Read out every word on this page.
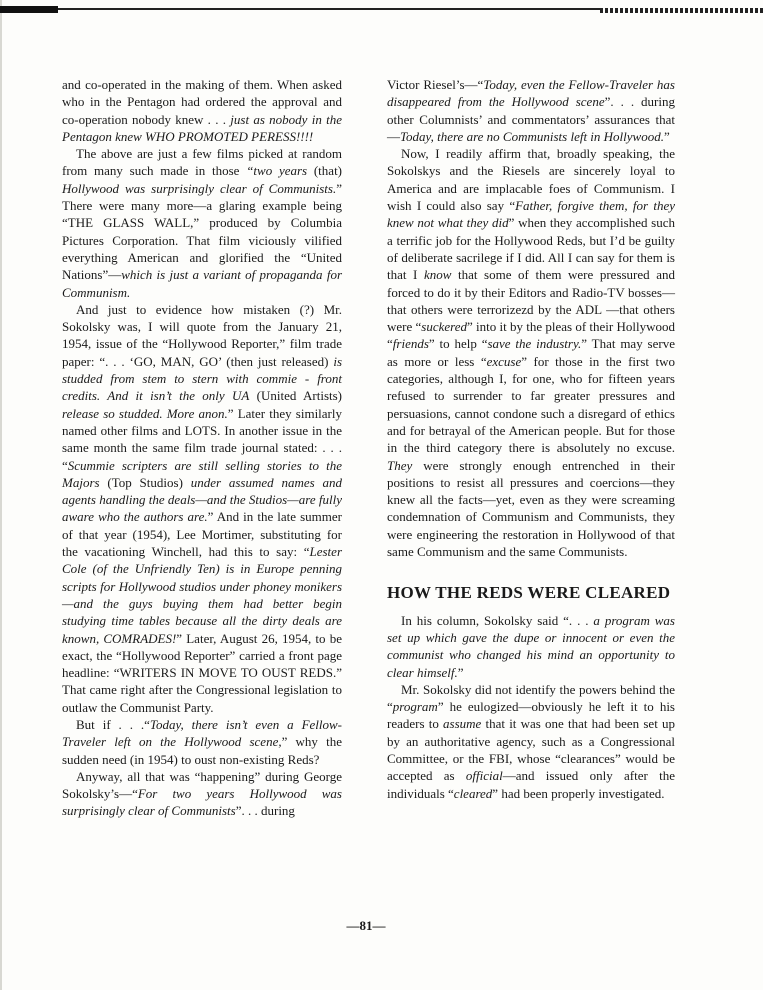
and co-operated in the making of them. When asked who in the Pentagon had ordered the approval and co-operation nobody knew . . . just as nobody in the Pentagon knew WHO PROMOTED PERESS!!!!

The above are just a few films picked at random from many such made in those “two years (that) Hollywood was surprisingly clear of Communists.” There were many more—a glaring example being “THE GLASS WALL,” produced by Columbia Pictures Corporation. That film viciously vilified everything American and glorified the “United Nations”—which is just a variant of propaganda for Communism.

And just to evidence how mistaken (?) Mr. Sokolsky was, I will quote from the January 21, 1954, issue of the “Hollywood Reporter,” film trade paper: “. . . ‘GO, MAN, GO’ (then just released) is studded from stem to stern with commie - front credits. And it isn’t the only UA (United Artists) release so studded. More anon.” Later they similarly named other films and LOTS. In another issue in the same month the same film trade journal stated: . . . “Scummie scripters are still selling stories to the Majors (Top Studios) under assumed names and agents handling the deals—and the Studios—are fully aware who the authors are.” And in the late summer of that year (1954), Lee Mortimer, substituting for the vacationing Winchell, had this to say: “Lester Cole (of the Unfriendly Ten) is in Europe penning scripts for Hollywood studios under phoney monikers—and the guys buying them had better begin studying time tables because all the dirty deals are known, COMRADES!” Later, August 26, 1954, to be exact, the “Hollywood Reporter” carried a front page headline: “WRITERS IN MOVE TO OUST REDS.” That came right after the Congressional legislation to outlaw the Communist Party.

But if . . .“Today, there isn’t even a Fellow-Traveler left on the Hollywood scene,” why the sudden need (in 1954) to oust non-existing Reds?

Anyway, all that was “happening” during George Sokolsky’s—“For two years Hollywood was surprisingly clear of Communists”. . . during

Victor Riesel’s—“Today, even the Fellow-Traveler has disappeared from the Hollywood scene”. . . during other Columnists’ and commentators’ assurances that—Today, there are no Communists left in Hollywood.”

Now, I readily affirm that, broadly speaking, the Sokolskys and the Riesels are sincerely loyal to America and are implacable foes of Communism. I wish I could also say “Father, forgive them, for they knew not what they did” when they accomplished such a terrific job for the Hollywood Reds, but I’d be guilty of deliberate sacrilege if I did. All I can say for them is that I know that some of them were pressured and forced to do it by their Editors and Radio-TV bosses—that others were terrorizezd by the ADL —that others were “suckered” into it by the pleas of their Hollywood “friends” to help “save the industry.” That may serve as more or less “excuse” for those in the first two categories, although I, for one, who for fifteen years refused to surrender to far greater pressures and persuasions, cannot condone such a disregard of ethics and for betrayal of the American people. But for those in the third category there is absolutely no excuse. They were strongly enough entrenched in their positions to resist all pressures and coercions—they knew all the facts—yet, even as they were screaming condemnation of Communism and Communists, they were engineering the restoration in Hollywood of that same Communism and the same Communists.

HOW THE REDS WERE CLEARED

In his column, Sokolsky said “. . . a program was set up which gave the dupe or innocent or even the communist who changed his mind an opportunity to clear himself.”

Mr. Sokolsky did not identify the powers behind the “program” he eulogized—obviously he left it to his readers to assume that it was one that had been set up by an authoritative agency, such as a Congressional Committee, or the FBI, whose “clearances” would be accepted as official—and issued only after the individuals “cleared” had been properly investigated.

—81—
